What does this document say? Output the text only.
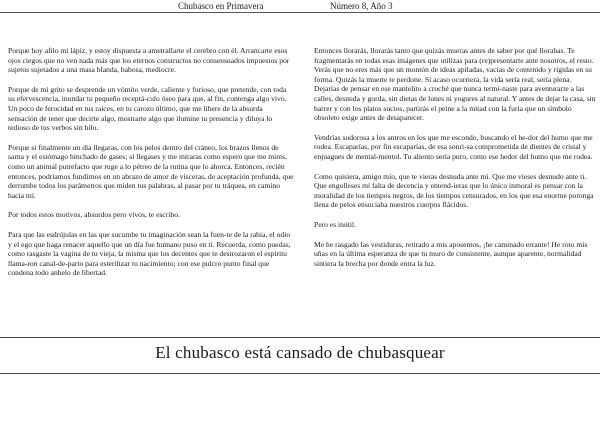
Chubasco en Primavera	Número 8, Año 3

Porque hoy afilo mi lápiz, y estoy dispuesta a ametrallarte el cerebro con él. Arrancarte esos ojos ciegos que no ven nada más que los eternos constructos no consensuados impuestos por sujetos sujetados a una masa blanda, babosa, mediocre.

Porque de mi grito se desprende un vómito verde, caliente y furioso, que pretende, con toda su efervescencia, inundar tu pequeño receptá-culo óseo para que, al fin, contenga algo vivo. Un poco de ferocidad en tus raíces, en tu carozo último, que me libere de la absurda sensación de tener que decirte algo, mostrarte algo que ilumine tu presencia y diluya lo tedioso de tus verbos sin hilo.

Porque si finalmente un día llegaras, con los pelos dentro del cráneo, los brazos llenos de sarna y el estómago hinchado de gases; si llegases y me miraras como espero que me mires, como un animal putrefacto que ruge a lo pétreo de la rutina que lo ahorca. Entonces, recién entonces, podríamos fundirnos en un abrazo de amor de vísceras, de aceptación profunda, que derrumbe todos los parámetros que miden tus palabras, al pasar por tu tráquea, en camino hacia mí.

Por todos estos motivos, absurdos pero vivos, te escribo.

Para que las esdrújulas en las que sucumbe tu imaginación sean la fuen-te de la rabia, el odio y el ego que haga renacer aquello que un día fue humano puso en ti. Recuerda, como puedas, como rasgaste la vagina de tu vieja, la misma que los decentes que te destrozaron el espíritu llama-ron canal-de-parto para esterilizar tu nacimiento; con ese pulcro punto final que condena todo anhelo de libertad.

Entonces llorarás, llorarás tanto que quizás mueras antes de saber por qué llorabas. Te fragmentarás en todas esas imágenes que utilizas para (re)presentarte ante nosotros, el resto. Verás que no eres más que un montón de ideas apiladas, vacías de contenido y rígidas en su forma. Quizás la muerte te perdone. Si acaso ocurriera, la vida sería real, sería plena. Dejarías de pensar en ese mantelito a croché que nunca termi-naste para aventurarte a las calles, desnuda y gorda, sin dietas de lunes ni yogures al natural. Y antes de dejar la casa, sin barrer y con los platos sucios, partirás el peine a la mitad con la furia que un símbolo obsoleto exige antes de desaparecer.

Vendrías sudorosa a los antros en los que me escondo, buscando el he-dor del humo que me rodea. Escaparías, por fin escaparías, de esa sonri-sa comprometida de dientes de cristal y enjuagues de mental-mentol. Tu aliento sería puro, como ese hedor del humo que me rodea.

Como quisiera, amigo mío, que te vieras desnuda ante mí. Que me vieses desnudo ante ti. Que engulleses mi falta de decencia y entend-ieras que lo único inmoral es pensar con la moralidad de los tiempos negros, de los tiempos censurados, en los que esa enorme poronga llena de pelos ensuciaba nuestros cuerpos flácidos.

Pero es inútil.

Me he rasgado las vestiduras, retirado a mis aposentos, ¡he caminado errante! He roto mis uñas en la última esperanza de que tu muro de consistente, aunque aparente, normalidad sintiera la brecha por donde entra la luz.

El chubasco está cansado de chubasquear
